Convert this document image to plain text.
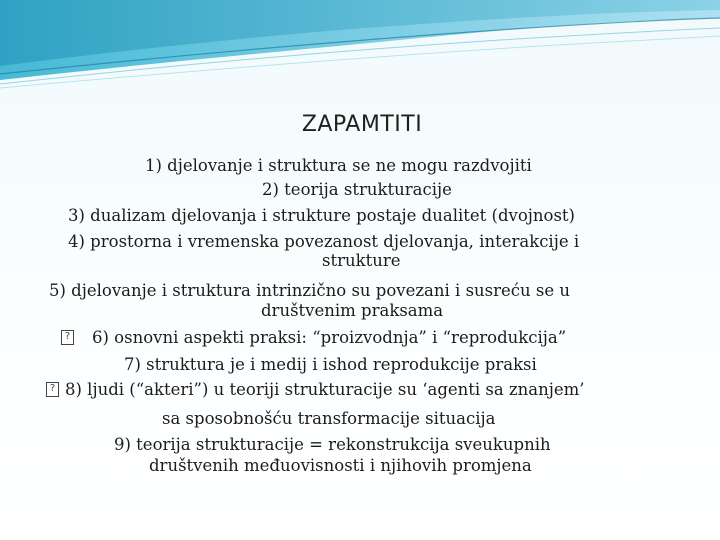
ZAPAMTITI
1) djelovanje i struktura se ne mogu razdvojiti
2) teorija strukturacije
3) dualizam djelovanja i strukture postaje dualitet (dvojnost)
4) prostorna i vremenska povezanost djelovanja, interakcije i
strukture
5) djelovanje i struktura intrinzično su povezani i susreću se u
društvenim praksama
?6) osnovni aspekti praksi: “proizvodnja” i “reprodukcija”
7) struktura je i medij i ishod reprodukcije praksi
?8) ljudi (“akteri”) u teoriji strukturacije su ‘agenti sa znanjem’
sa sposobnošću transformacije situacija
9) teorija strukturacije = rekonstrukcija sveukupnih
društvenih međuovisnosti i njihovih promjena
